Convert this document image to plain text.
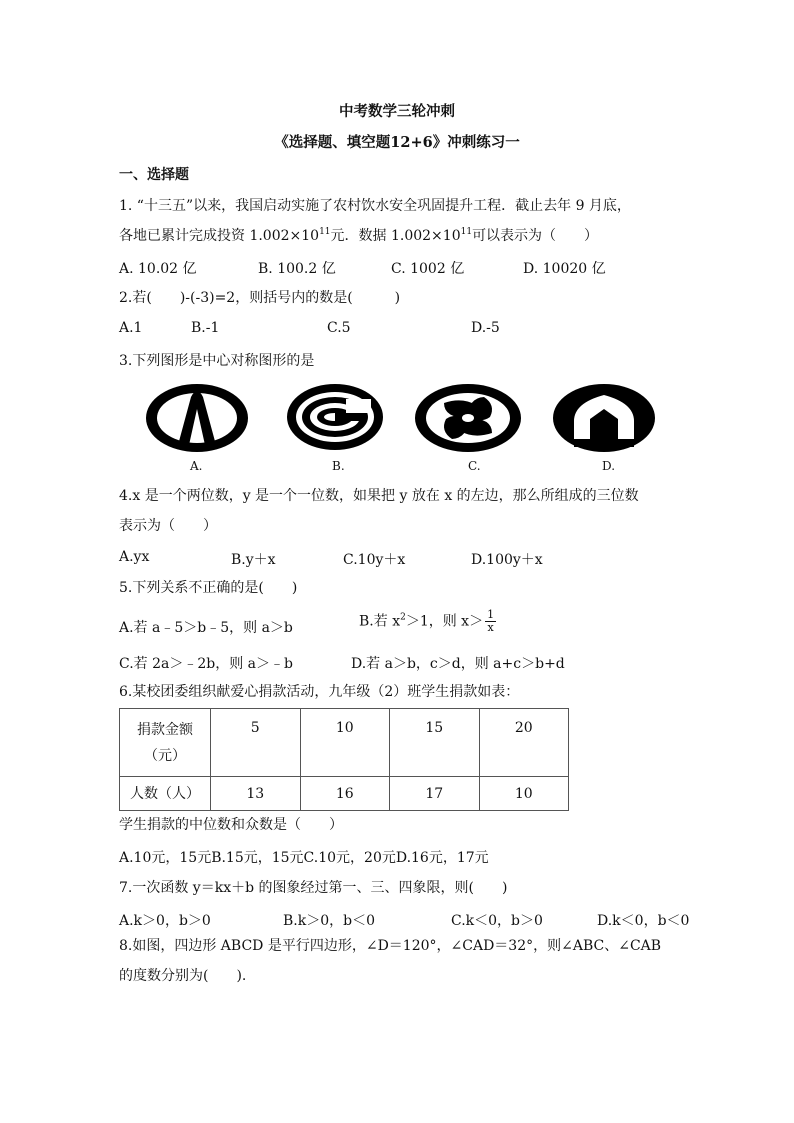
中考数学三轮冲刺
《选择题、填空题12+6》冲刺练习一
一、选择题
1. “十三五”以来，我国启动实施了农村饮水安全巩固提升工程．截止去年 9 月底，
各地已累计完成投资 $1.002\times 10^{11}$元．数据 $1.002\times 10^{11}$可以表示为（　　）
A. 10.02 亿	B. 100.2 亿	C. 1002 亿	D. 10020 亿
2.若(　　)-(-3)=2，则括号内的数是(　　　)
A.1	B.-1	C.5	D.-5
3.下列图形是中心对称图形的是
A.	B.	C.	D.
4.x 是一个两位数，y 是一个一位数，如果把 y 放在 x 的左边，那么所组成的三位数
表示为（　　）
A.yx	B.y＋x	C.10y＋x	D.100y＋x
5.下列关系不正确的是(　　)
A.若 a﹣5＞b﹣5，则 a＞b	B.若 $x^2>1$，则 $x> \frac{1}{x}$
C.若 2a＞﹣2b，则 a＞﹣b	D.若 a＞b，c＞d，则 a+c＞b+d
6.某校团委组织献爱心捐款活动，九年级（2）班学生捐款如表：
捐款金额
（元）	5	10	15	20
人数（人）	13	16	17	10
学生捐款的中位数和众数是（　　）
A.10元，15元B.15元，15元C.10元，20元D.16元，17元
7.一次函数 y＝kx＋b 的图象经过第一、三、四象限，则(　　)
A.k＞0，b＞0	B.k＞0，b＜0	C.k＜0，b＞0	D.k＜0，b＜0
8.如图，四边形 ABCD 是平行四边形，∠D＝120°，∠CAD＝32°，则∠ABC、∠CAB
的度数分别为(　　).
